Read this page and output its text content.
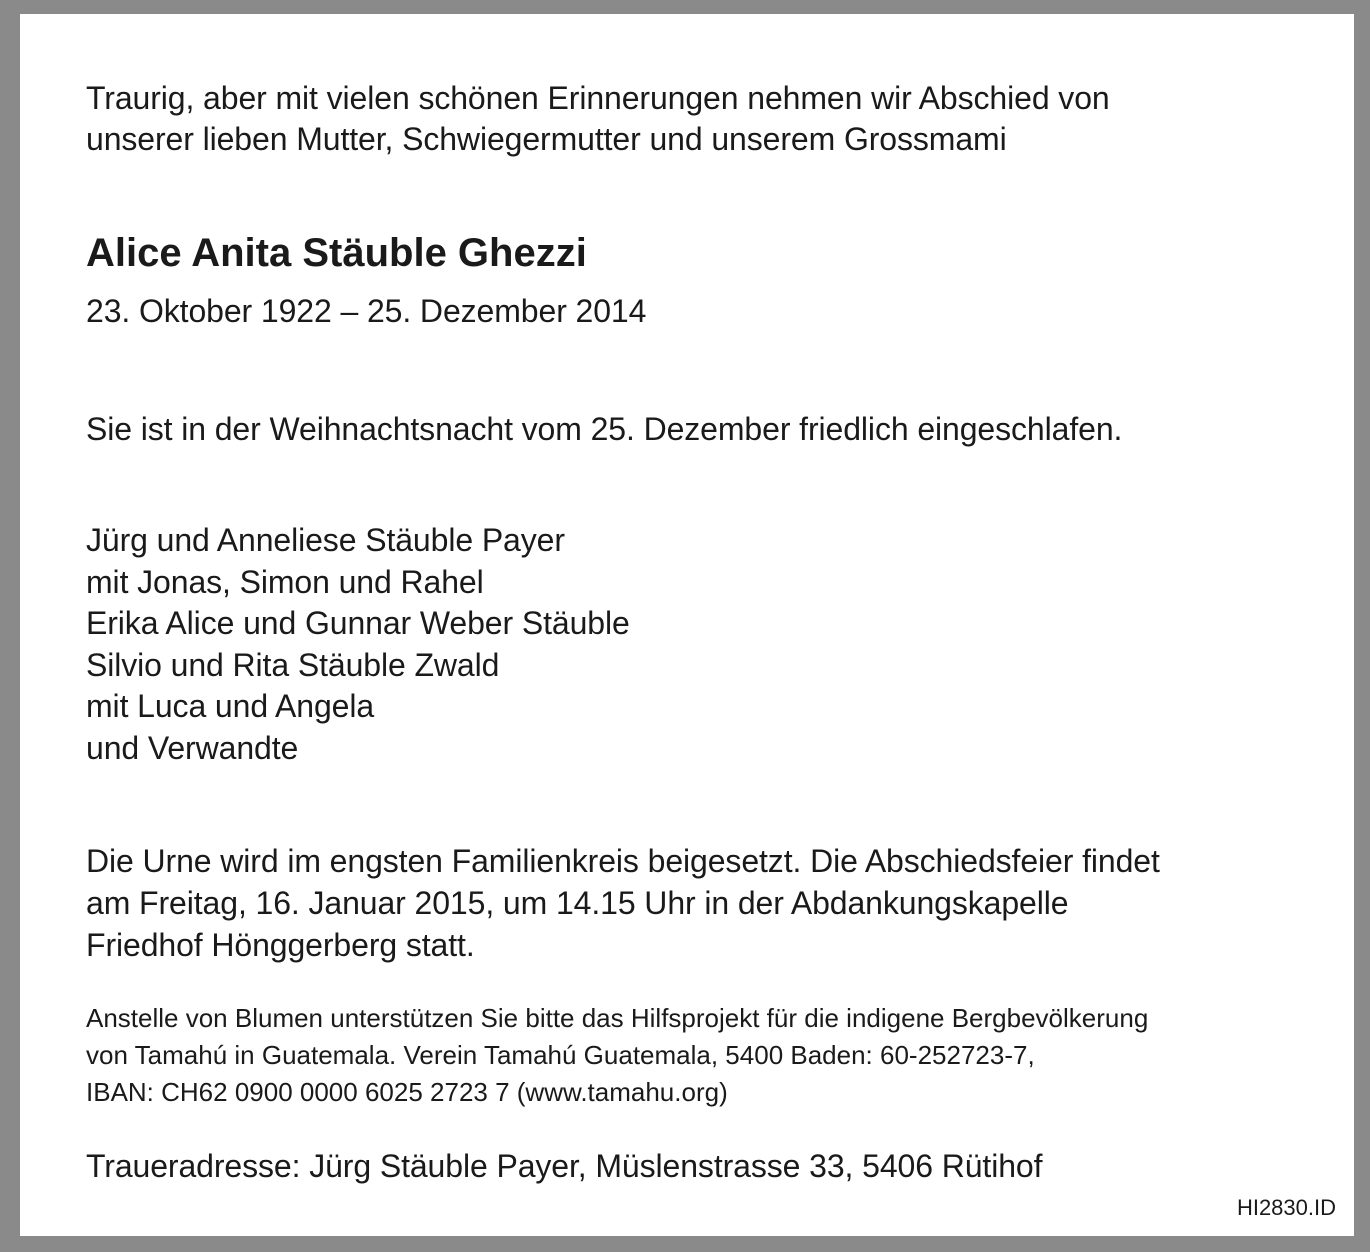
Traurig, aber mit vielen schönen Erinnerungen nehmen wir Abschied von
unserer lieben Mutter, Schwiegermutter und unserem Grossmami
Alice Anita Stäuble Ghezzi
23. Oktober 1922 – 25. Dezember 2014
Sie ist in der Weihnachtsnacht vom 25. Dezember friedlich eingeschlafen.
Jürg und Anneliese Stäuble Payer
mit Jonas, Simon und Rahel
Erika Alice und Gunnar Weber Stäuble
Silvio und Rita Stäuble Zwald
mit Luca und Angela
und Verwandte
Die Urne wird im engsten Familienkreis beigesetzt. Die Abschiedsfeier findet
am Freitag, 16. Januar 2015, um 14.15 Uhr in der Abdankungskapelle
Friedhof Hönggerberg statt.
Anstelle von Blumen unterstützen Sie bitte das Hilfsprojekt für die indigene Bergbevölkerung
von Tamahú in Guatemala. Verein Tamahú Guatemala, 5400 Baden: 60-252723-7,
IBAN: CH62 0900 0000 6025 2723 7 (www.tamahu.org)
Traueradresse: Jürg Stäuble Payer, Müslenstrasse 33, 5406 Rütihof
HI2830.ID
